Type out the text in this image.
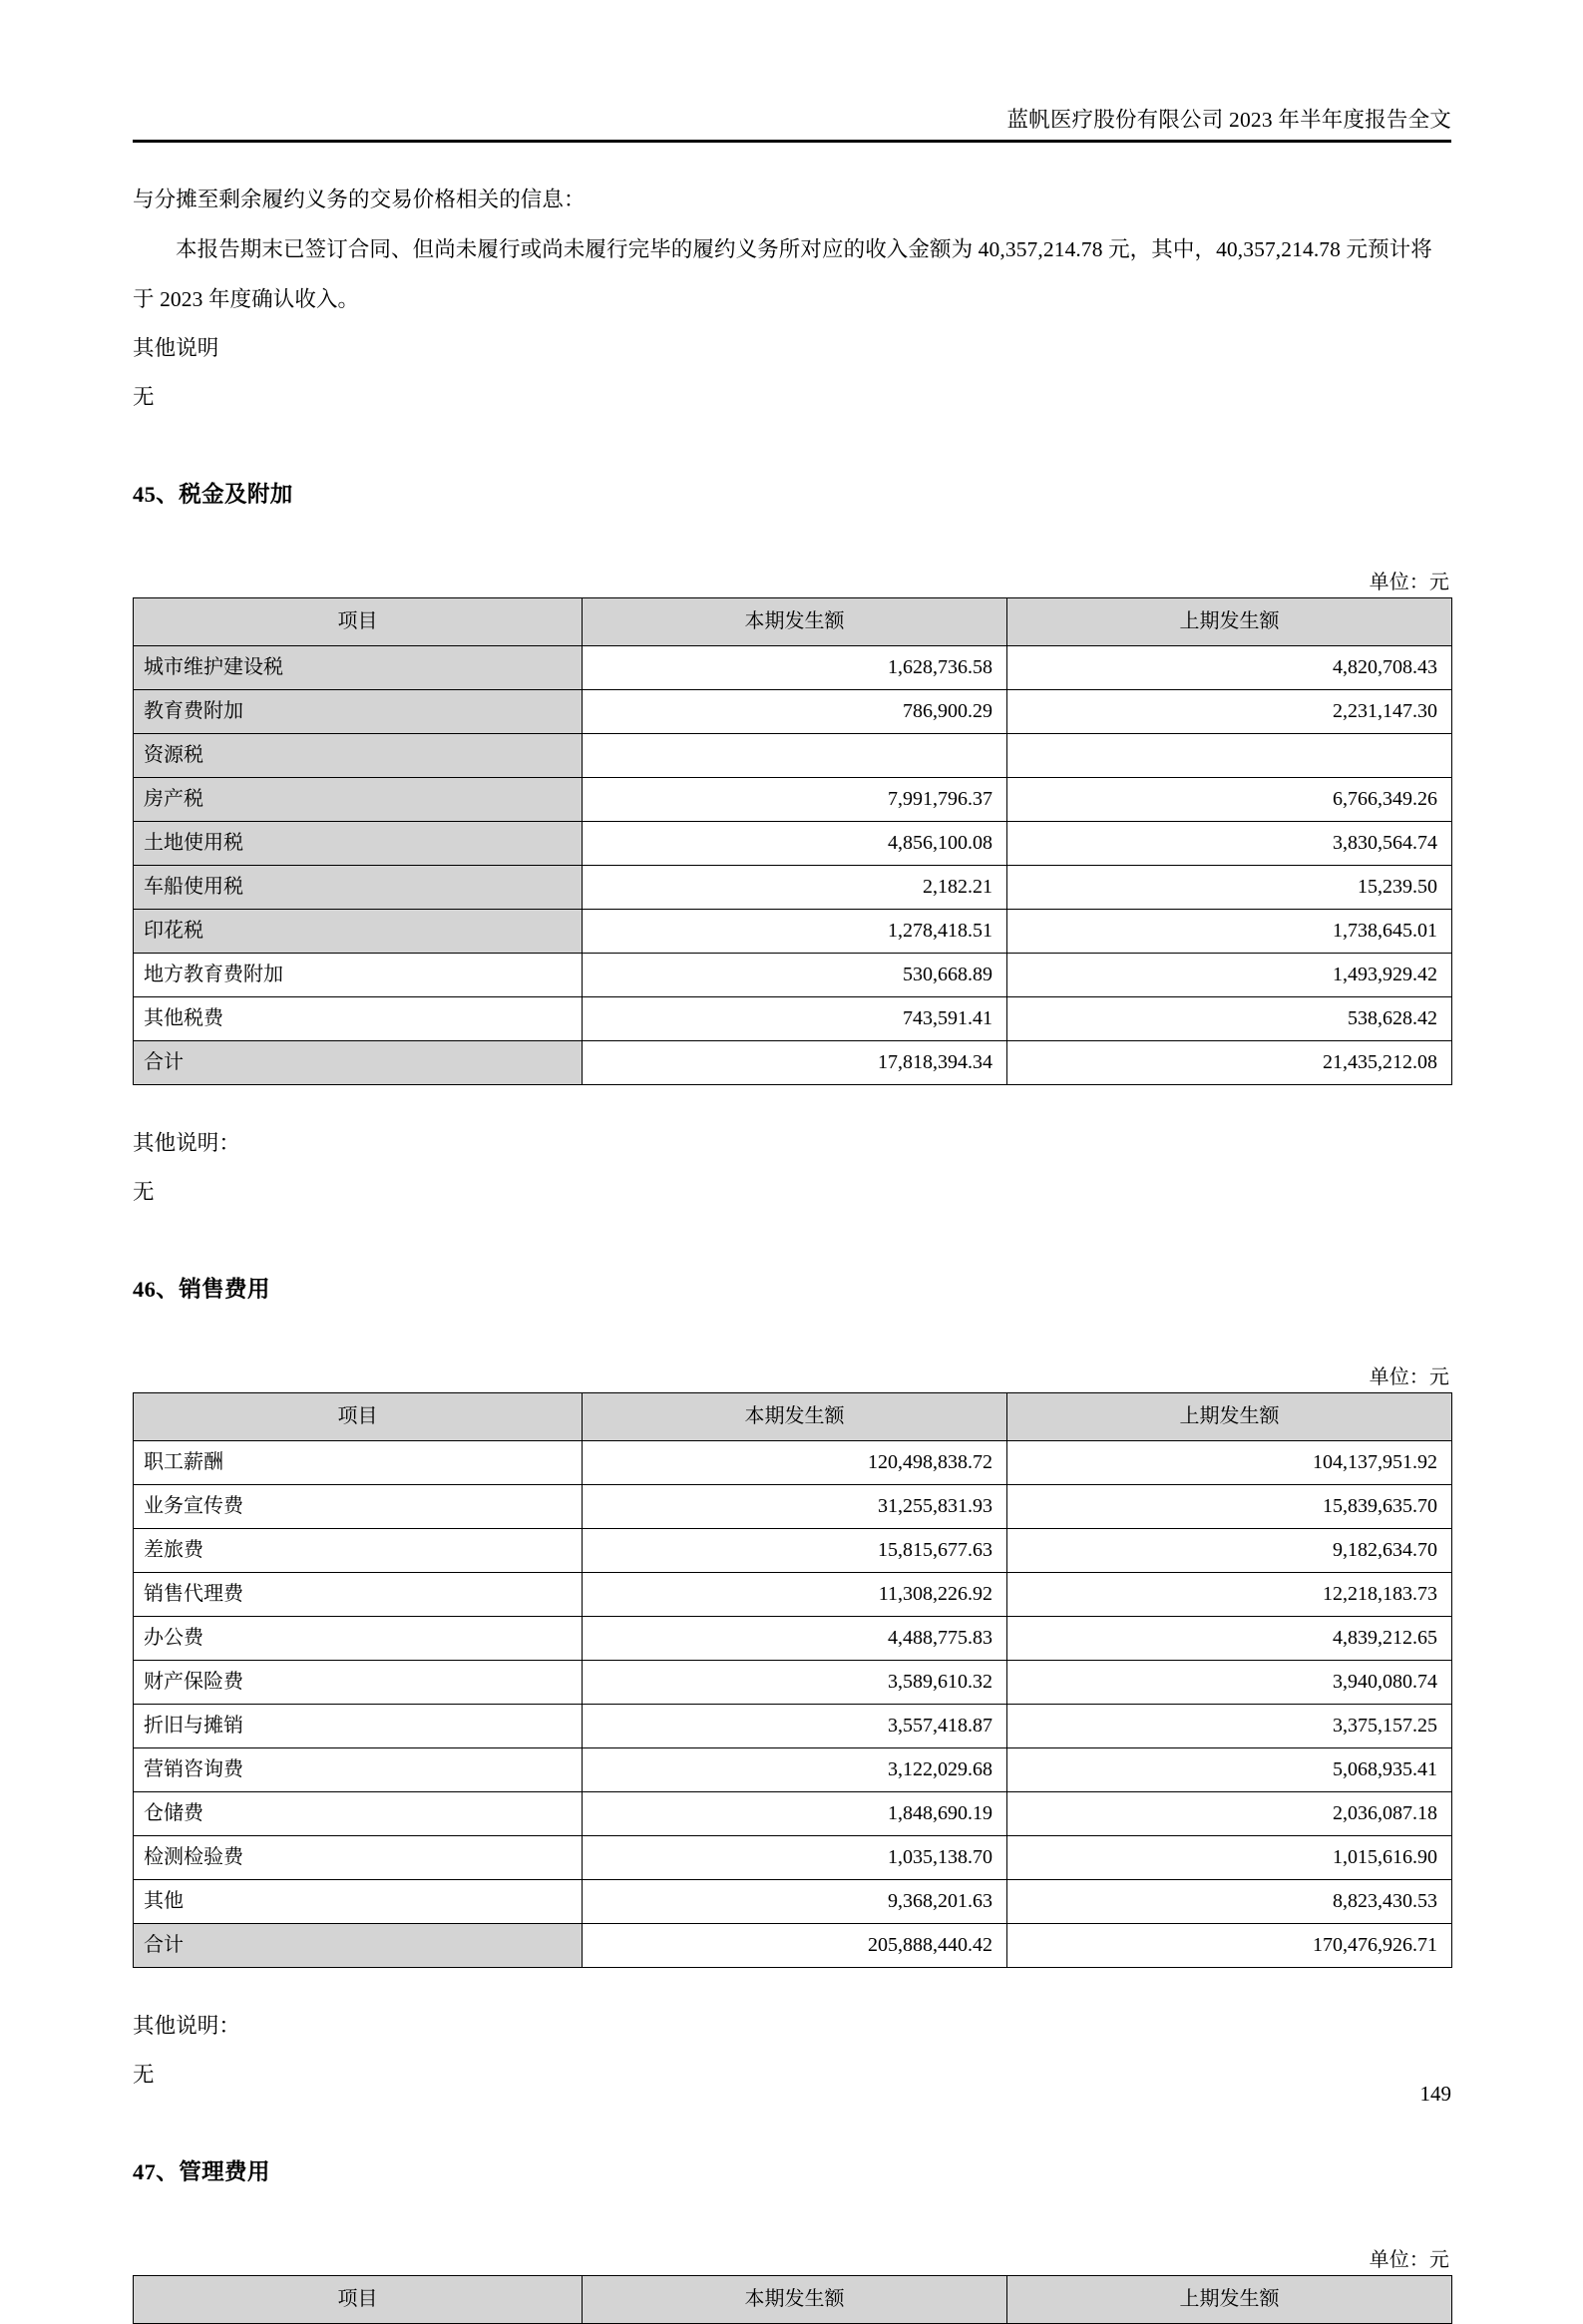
蓝帆医疗股份有限公司 2023 年半年度报告全文

与分摊至剩余履约义务的交易价格相关的信息：

本报告期末已签订合同、但尚未履行或尚未履行完毕的履约义务所对应的收入金额为 40,357,214.78 元，其中，40,357,214.78 元预计将于 2023 年度确认收入。

其他说明

无

45、税金及附加

单位：元

项目	本期发生额	上期发生额
城市维护建设税	1,628,736.58	4,820,708.43
教育费附加	786,900.29	2,231,147.30
资源税		
房产税	7,991,796.37	6,766,349.26
土地使用税	4,856,100.08	3,830,564.74
车船使用税	2,182.21	15,239.50
印花税	1,278,418.51	1,738,645.01
地方教育费附加	530,668.89	1,493,929.42
其他税费	743,591.41	538,628.42
合计	17,818,394.34	21,435,212.08

其他说明：

无

46、销售费用

单位：元

项目	本期发生额	上期发生额
职工薪酬	120,498,838.72	104,137,951.92
业务宣传费	31,255,831.93	15,839,635.70
差旅费	15,815,677.63	9,182,634.70
销售代理费	11,308,226.92	12,218,183.73
办公费	4,488,775.83	4,839,212.65
财产保险费	3,589,610.32	3,940,080.74
折旧与摊销	3,557,418.87	3,375,157.25
营销咨询费	3,122,029.68	5,068,935.41
仓储费	1,848,690.19	2,036,087.18
检测检验费	1,035,138.70	1,015,616.90
其他	9,368,201.63	8,823,430.53
合计	205,888,440.42	170,476,926.71

其他说明：

无

47、管理费用

单位：元

项目	本期发生额	上期发生额
149
